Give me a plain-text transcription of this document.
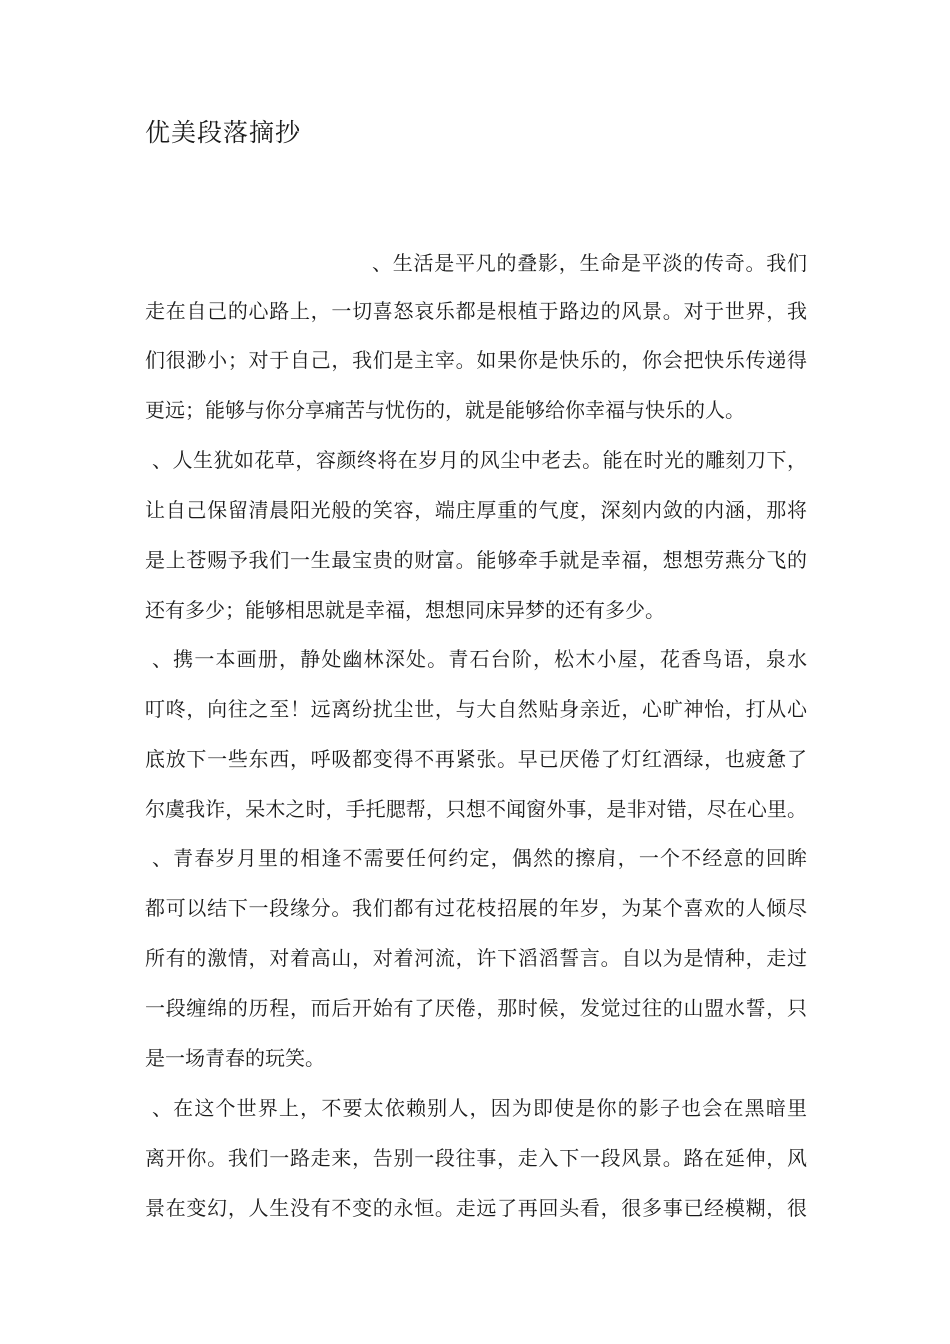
优美段落摘抄
、生活是平凡的叠影，生命是平淡的传奇。我们
走在自己的心路上，一切喜怒哀乐都是根植于路边的风景。对于世界，我
们很渺小；对于自己，我们是主宰。如果你是快乐的，你会把快乐传递得
更远；能够与你分享痛苦与忧伤的，就是能够给你幸福与快乐的人。
、人生犹如花草，容颜终将在岁月的风尘中老去。能在时光的雕刻刀下，
让自己保留清晨阳光般的笑容，端庄厚重的气度，深刻内敛的内涵，那将
是上苍赐予我们一生最宝贵的财富。能够牵手就是幸福，想想劳燕分飞的
还有多少；能够相思就是幸福，想想同床异梦的还有多少。
、携一本画册，静处幽林深处。青石台阶，松木小屋，花香鸟语，泉水
叮咚，向往之至！远离纷扰尘世，与大自然贴身亲近，心旷神怡，打从心
底放下一些东西，呼吸都变得不再紧张。早已厌倦了灯红酒绿，也疲惫了
尔虞我诈，呆木之时，手托腮帮，只想不闻窗外事，是非对错，尽在心里。
、青春岁月里的相逢不需要任何约定，偶然的擦肩，一个不经意的回眸
都可以结下一段缘分。我们都有过花枝招展的年岁，为某个喜欢的人倾尽
所有的激情，对着高山，对着河流，许下滔滔誓言。自以为是情种，走过
一段缠绵的历程，而后开始有了厌倦，那时候，发觉过往的山盟水誓，只
是一场青春的玩笑。
、在这个世界上，不要太依赖别人，因为即使是你的影子也会在黑暗里
离开你。我们一路走来，告别一段往事，走入下一段风景。路在延伸，风
景在变幻，人生没有不变的永恒。走远了再回头看，很多事已经模糊，很
